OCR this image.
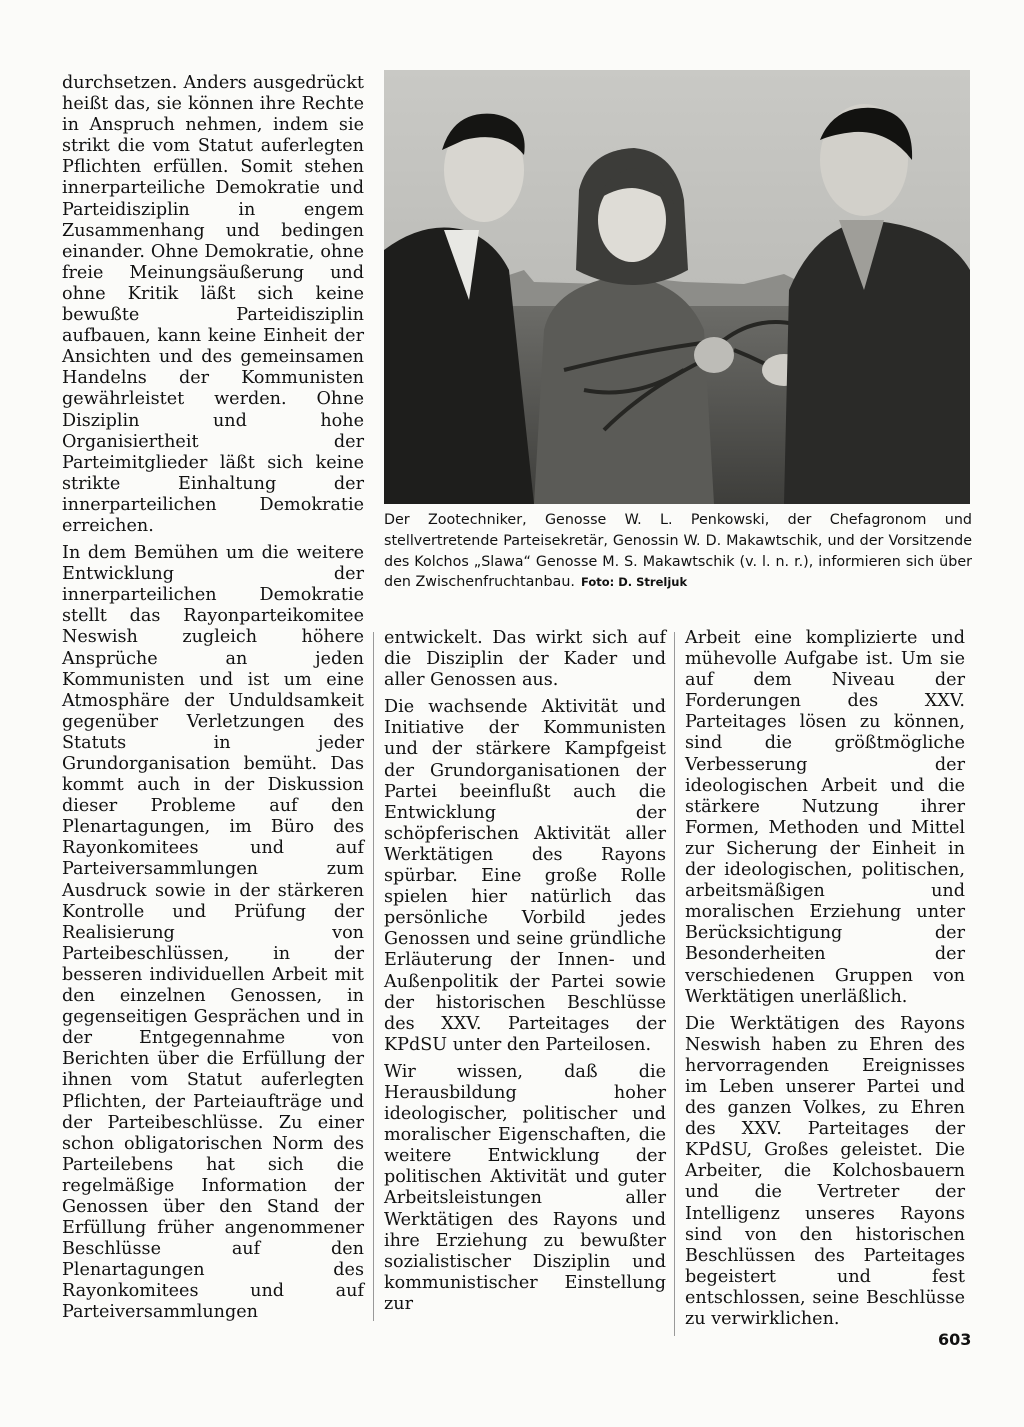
durchsetzen. Anders ausgedrückt heißt das, sie können ihre Rechte in Anspruch nehmen, indem sie strikt die vom Statut auferlegten Pflichten erfüllen. Somit stehen innerparteiliche Demokratie und Parteidisziplin in engem Zusammenhang und bedingen einander. Ohne Demokratie, ohne freie Meinungsäußerung und ohne Kritik läßt sich keine bewußte Parteidisziplin aufbauen, kann keine Einheit der Ansichten und des gemeinsamen Handelns der Kommunisten gewährleistet werden. Ohne Disziplin und hohe Organisiertheit der Parteimitglieder läßt sich keine strikte Einhaltung der innerparteilichen Demokratie erreichen.

In dem Bemühen um die weitere Entwicklung der innerparteilichen Demokratie stellt das Rayonparteikomitee Neswish zugleich höhere Ansprüche an jeden Kommunisten und ist um eine Atmosphäre der Unduldsamkeit gegenüber Verletzungen des Statuts in jeder Grundorganisation bemüht. Das kommt auch in der Diskussion dieser Probleme auf den Plenartagungen, im Büro des Rayonkomitees und auf Parteiversammlungen zum Ausdruck sowie in der stärkeren Kontrolle und Prüfung der Realisierung von Parteibeschlüssen, in der besseren individuellen Arbeit mit den einzelnen Genossen, in gegenseitigen Gesprächen und in der Entgegennahme von Berichten über die Erfüllung der ihnen vom Statut auferlegten Pflichten, der Parteiaufträge und der Parteibeschlüsse. Zu einer schon obligatorischen Norm des Parteilebens hat sich die regelmäßige Information der Genossen über den Stand der Erfüllung früher angenommener Beschlüsse auf den Plenartagungen des Rayonkomitees und auf Parteiversammlungen

Der Zootechniker, Genosse W. L. Penkowski, der Chefagronom und stellvertretende Parteisekretär, Genossin W. D. Makawtschik, und der Vorsitzende des Kolchos „Slawa“ Genosse M. S. Makawtschik (v. l. n. r.), informieren sich über den Zwischenfruchtanbau. Foto: D. Streljuk

entwickelt. Das wirkt sich auf die Disziplin der Kader und aller Genossen aus.

Die wachsende Aktivität und Initiative der Kommunisten und der stärkere Kampfgeist der Grundorganisationen der Partei beeinflußt auch die Entwicklung der schöpferischen Aktivität aller Werktätigen des Rayons spürbar. Eine große Rolle spielen hier natürlich das persönliche Vorbild jedes Genossen und seine gründliche Erläuterung der Innen- und Außenpolitik der Partei sowie der historischen Beschlüsse des XXV. Parteitages der KPdSU unter den Parteilosen.

Wir wissen, daß die Herausbildung hoher ideologischer, politischer und moralischer Eigenschaften, die weitere Entwicklung der politischen Aktivität und guter Arbeitsleistungen aller Werktätigen des Rayons und ihre Erziehung zu bewußter sozialistischer Disziplin und kommunistischer Einstellung zur

Arbeit eine komplizierte und mühevolle Aufgabe ist. Um sie auf dem Niveau der Forderungen des XXV. Parteitages lösen zu können, sind die größtmögliche Verbesserung der ideologischen Arbeit und die stärkere Nutzung ihrer Formen, Methoden und Mittel zur Sicherung der Einheit in der ideologischen, politischen, arbeitsmäßigen und moralischen Erziehung unter Berücksichtigung der Besonderheiten der verschiedenen Gruppen von Werktätigen unerläßlich.

Die Werktätigen des Rayons Neswish haben zu Ehren des hervorragenden Ereignisses im Leben unserer Partei und des ganzen Volkes, zu Ehren des XXV. Parteitages der KPdSU, Großes geleistet. Die Arbeiter, die Kolchosbauern und die Vertreter der Intelligenz unseres Rayons sind von den historischen Beschlüssen des Parteitages begeistert und fest entschlossen, seine Beschlüsse zu verwirklichen.

603
